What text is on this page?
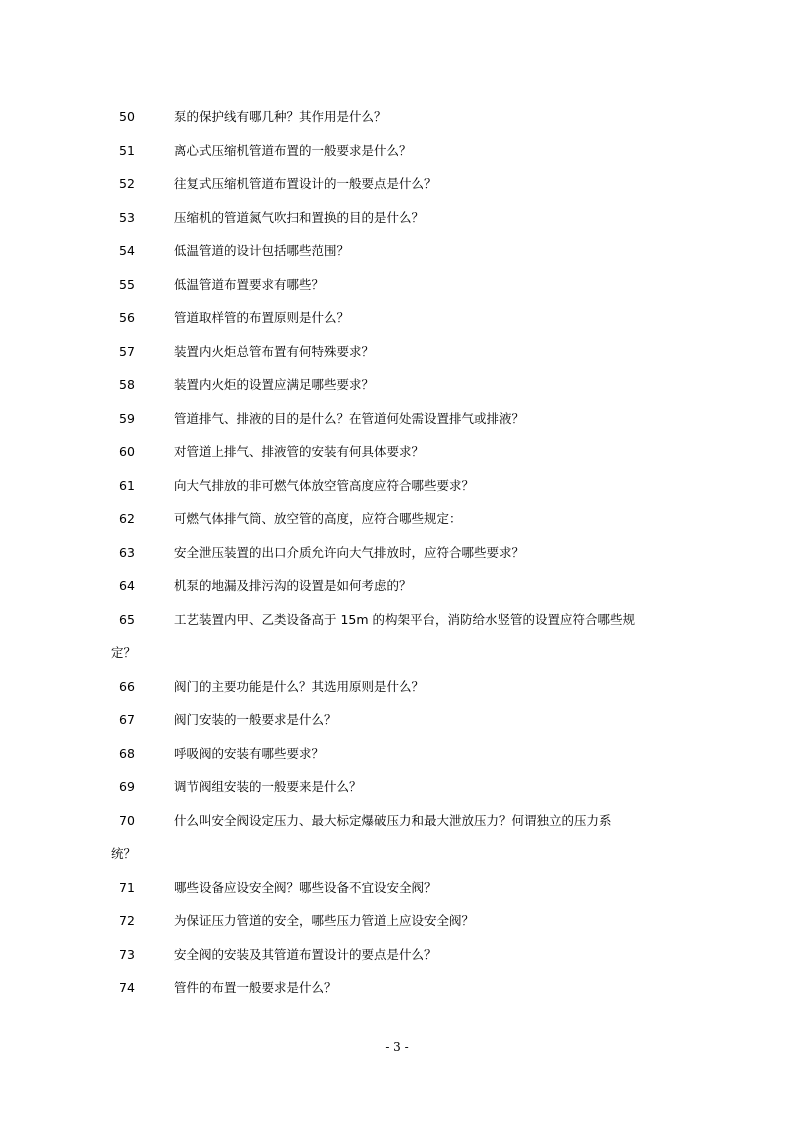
50	泵的保护线有哪几种？其作用是什么？
51	离心式压缩机管道布置的一般要求是什么？
52	往复式压缩机管道布置设计的一般要点是什么？
53	压缩机的管道氮气吹扫和置换的目的是什么？
54	低温管道的设计包括哪些范围？
55	低温管道布置要求有哪些？
56	管道取样管的布置原则是什么？
57	装置内火炬总管布置有何特殊要求？
58	装置内火炬的设置应满足哪些要求？
59	管道排气、排液的目的是什么？在管道何处需设置排气或排液？
60	对管道上排气、排液管的安装有何具体要求？
61	向大气排放的非可燃气体放空管高度应符合哪些要求？
62	可燃气体排气筒、放空管的高度，应符合哪些规定：
63	安全泄压装置的出口介质允许向大气排放时，应符合哪些要求？
64	机泵的地漏及排污沟的设置是如何考虑的？
65	工艺装置内甲、乙类设备高于 15m 的构架平台，消防给水竖管的设置应符合哪些规
定？
66	阀门的主要功能是什么？其选用原则是什么？
67	阀门安装的一般要求是什么？
68	呼吸阀的安装有哪些要求？
69	调节阀组安装的一般要来是什么？
70	什么叫安全阀设定压力、最大标定爆破压力和最大泄放压力？何谓独立的压力系
统？
71	哪些设备应设安全阀？哪些设备不宜设安全阀？
72	为保证压力管道的安全，哪些压力管道上应设安全阀？
73	安全阀的安装及其管道布置设计的要点是什么？
74	管件的布置一般要求是什么？
- 3 -
